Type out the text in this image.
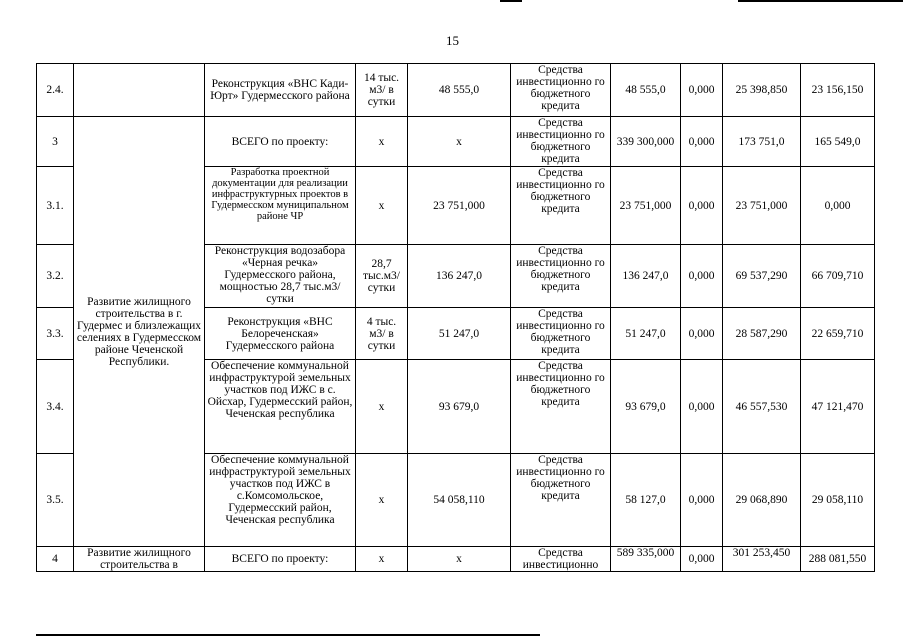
15
2.4.		Реконструкция «ВНС Кади-Юрт» Гудермесского района	14 тыс. м3/ в сутки	48 555,0	Средства инвестиционно го бюджетного кредита	48 555,0	0,000	25 398,850	23 156,150
3	Развитие жилищного строительства в г. Гудермес и близлежащих селениях в Гудермесском районе Чеченской Республики.	ВСЕГО по проекту:	x	x	Средства инвестиционно го бюджетного кредита	339 300,000	0,000	173 751,0	165 549,0
3.1.		Разработка проектной документации для реализации инфраструктурных проектов в Гудермесском муниципальном районе ЧР	x	23 751,000	Средства инвестиционно го бюджетного кредита	23 751,000	0,000	23 751,000	0,000
3.2.		Реконструкция водозабора «Черная речка» Гудермесского района, мощностью 28,7 тыс.м3/сутки	28,7 тыс.м3/ сутки	136 247,0	Средства инвестиционно го бюджетного кредита	136 247,0	0,000	69 537,290	66 709,710
3.3.		Реконструкция «ВНС Белореченская» Гудермесского района	4 тыс. м3/ в сутки	51 247,0	Средства инвестиционно го бюджетного кредита	51 247,0	0,000	28 587,290	22 659,710
3.4.		Обеспечение коммунальной инфраструктурой земельных участков под ИЖС в с. Ойсхар, Гудермесский район, Чеченская республика	x	93 679,0	Средства инвестиционно го бюджетного кредита	93 679,0	0,000	46 557,530	47 121,470
3.5.		Обеспечение коммунальной инфраструктурой земельных участков под ИЖС в с.Комсомольское, Гудермесский район, Чеченская республика	x	54 058,110	Средства инвестиционно го бюджетного кредита	58 127,0	0,000	29 068,890	29 058,110
4	Развитие жилищного строительства в	ВСЕГО по проекту:	x	x	Средства инвестиционно	589 335,000	0,000	301 253,450	288 081,550
